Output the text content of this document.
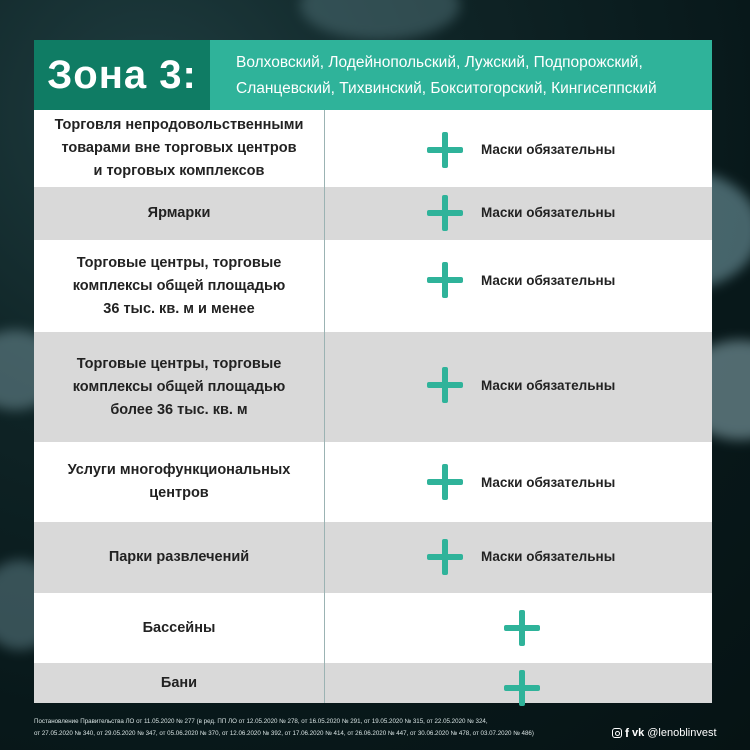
Зона 3:	Волховский, Лодейнопольский, Лужский, Подпорожский,
Сланцевский, Тихвинский, Бокситогорский, Кингисеппский
Торговля непродовольственными
товарами вне торговых центров
и торговых комплексов
Маски обязательны
Ярмарки	Маски обязательны
Торговые центры, торговые
комплексы общей площадью
36 тыс. кв. м и менее
Маски обязательны
Торговые центры, торговые
комплексы общей площадью
более 36 тыс. кв. м
Маски обязательны
Услуги многофункциональных
центров
Маски обязательны
Парки развлечений	Маски обязательны
Бассейны
Бани
Постановление Правительства ЛО от 11.05.2020 № 277 (в ред. ПП ЛО от 12.05.2020 № 278, от 16.05.2020 № 291, от 19.05.2020 № 315, от 22.05.2020 № 324,
от 27.05.2020 № 340, от 29.05.2020 № 347, от 05.06.2020 № 370, от 12.06.2020 № 392, от 17.06.2020 № 414, от 26.06.2020 № 447, от 30.06.2020 № 478, от 03.07.2020 № 486)	f vk @lenoblinvest
